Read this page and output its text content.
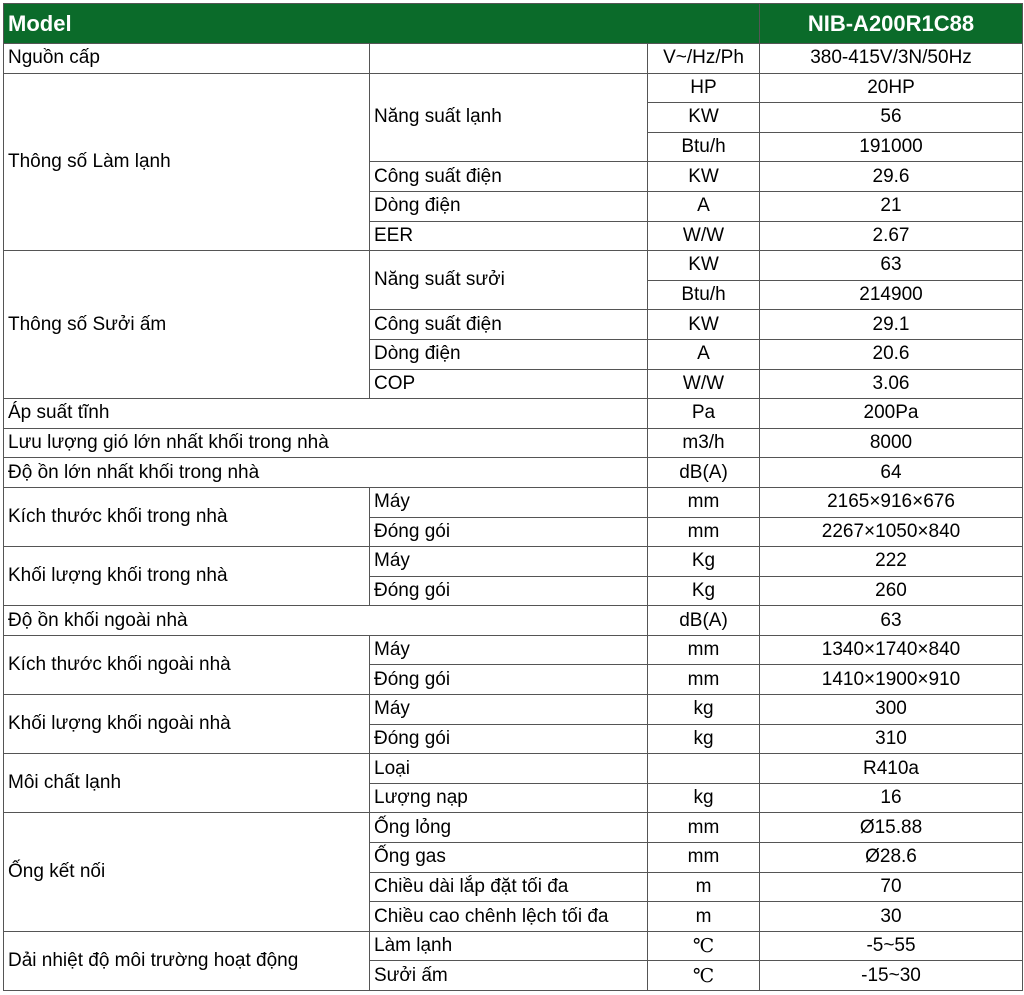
Model			NIB-A200R1C88
Nguồn cấp		V~/Hz/Ph	380-415V/3N/50Hz
Thông số Làm lạnh	Năng suất lạnh	HP	20HP
		KW	56
		Btu/h	191000
	Công suất điện	KW	29.6
	Dòng điện	A	21
	EER	W/W	2.67
Thông số Sưởi ấm	Năng suất sưởi	KW	63
		Btu/h	214900
	Công suất điện	KW	29.1
	Dòng điện	A	20.6
	COP	W/W	3.06
Áp suất tĩnh		Pa	200Pa
Lưu lượng gió lớn nhất khối trong nhà		m3/h	8000
Độ ồn lớn nhất khối trong nhà		dB(A)	64
Kích thước khối trong nhà	Máy	mm	2165×916×676
	Đóng gói	mm	2267×1050×840
Khối lượng khối trong nhà	Máy	Kg	222
	Đóng gói	Kg	260
Độ ồn khối ngoài nhà		dB(A)	63
Kích thước khối ngoài nhà	Máy	mm	1340×1740×840
	Đóng gói	mm	1410×1900×910
Khối lượng khối ngoài nhà	Máy	kg	300
	Đóng gói	kg	310
Môi chất lạnh	Loại		R410a
	Lượng nạp	kg	16
Ống kết nối	Ống lỏng	mm	Ø15.88
	Ống gas	mm	Ø28.6
	Chiều dài lắp đặt tối đa	m	70
	Chiều cao chênh lệch tối đa	m	30
Dải nhiệt độ môi trường hoạt động	Làm lạnh	℃	-5~55
	Sưởi ấm	℃	-15~30
